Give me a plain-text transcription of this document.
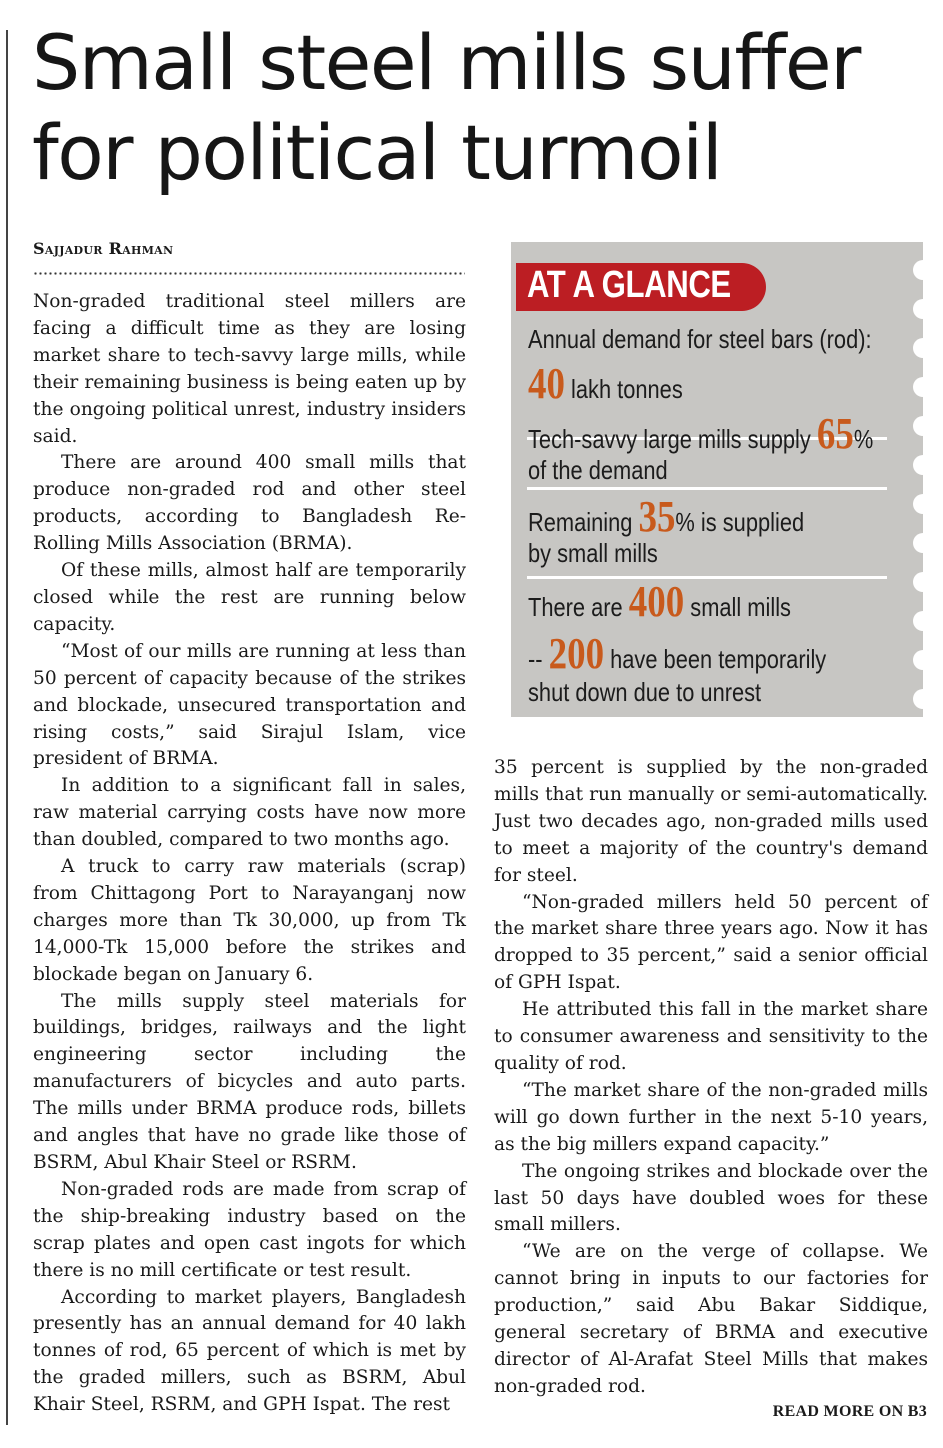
Small steel mills suffer
for political turmoil
Sajjadur Rahman

Non-graded traditional steel millers are facing a difficult time as they are losing market share to tech-savvy large mills, while their remaining business is being eaten up by the ongoing political unrest, industry insiders said.

There are around 400 small mills that produce non-graded rod and other steel products, according to Bangladesh Re-Rolling Mills Association (BRMA).

Of these mills, almost half are temporarily closed while the rest are running below capacity.

“Most of our mills are running at less than 50 percent of capacity because of the strikes and blockade, unsecured transportation and rising costs,” said Sirajul Islam, vice president of BRMA.

In addition to a significant fall in sales, raw material carrying costs have now more than doubled, compared to two months ago.

A truck to carry raw materials (scrap) from Chittagong Port to Narayanganj now charges more than Tk 30,000, up from Tk 14,000-Tk 15,000 before the strikes and blockade began on January 6.

The mills supply steel materials for buildings, bridges, railways and the light engineering sector including the manufacturers of bicycles and auto parts. The mills under BRMA produce rods, billets and angles that have no grade like those of BSRM, Abul Khair Steel or RSRM.

Non-graded rods are made from scrap of the ship-breaking industry based on the scrap plates and open cast ingots for which there is no mill certificate or test result.

According to market players, Bangladesh presently has an annual demand for 40 lakh tonnes of rod, 65 percent of which is met by the graded millers, such as BSRM, Abul Khair Steel, RSRM, and GPH Ispat. The rest

AT A GLANCE
Annual demand for steel bars (rod):
40 lakh tonnes
Tech-savvy large mills supply 65%
of the demand
Remaining 35% is supplied
by small mills
There are 400 small mills
-- 200 have been temporarily
shut down due to unrest

35 percent is supplied by the non-graded mills that run manually or semi-automatically. Just two decades ago, non-graded mills used to meet a majority of the country's demand for steel.

“Non-graded millers held 50 percent of the market share three years ago. Now it has dropped to 35 percent,” said a senior official of GPH Ispat.

He attributed this fall in the market share to consumer awareness and sensitivity to the quality of rod.

“The market share of the non-graded mills will go down further in the next 5-10 years, as the big millers expand capacity.”

The ongoing strikes and blockade over the last 50 days have doubled woes for these small millers.

“We are on the verge of collapse. We cannot bring in inputs to our factories for production,” said Abu Bakar Siddique, general secretary of BRMA and executive director of Al-Arafat Steel Mills that makes non-graded rod.

READ MORE ON B3
